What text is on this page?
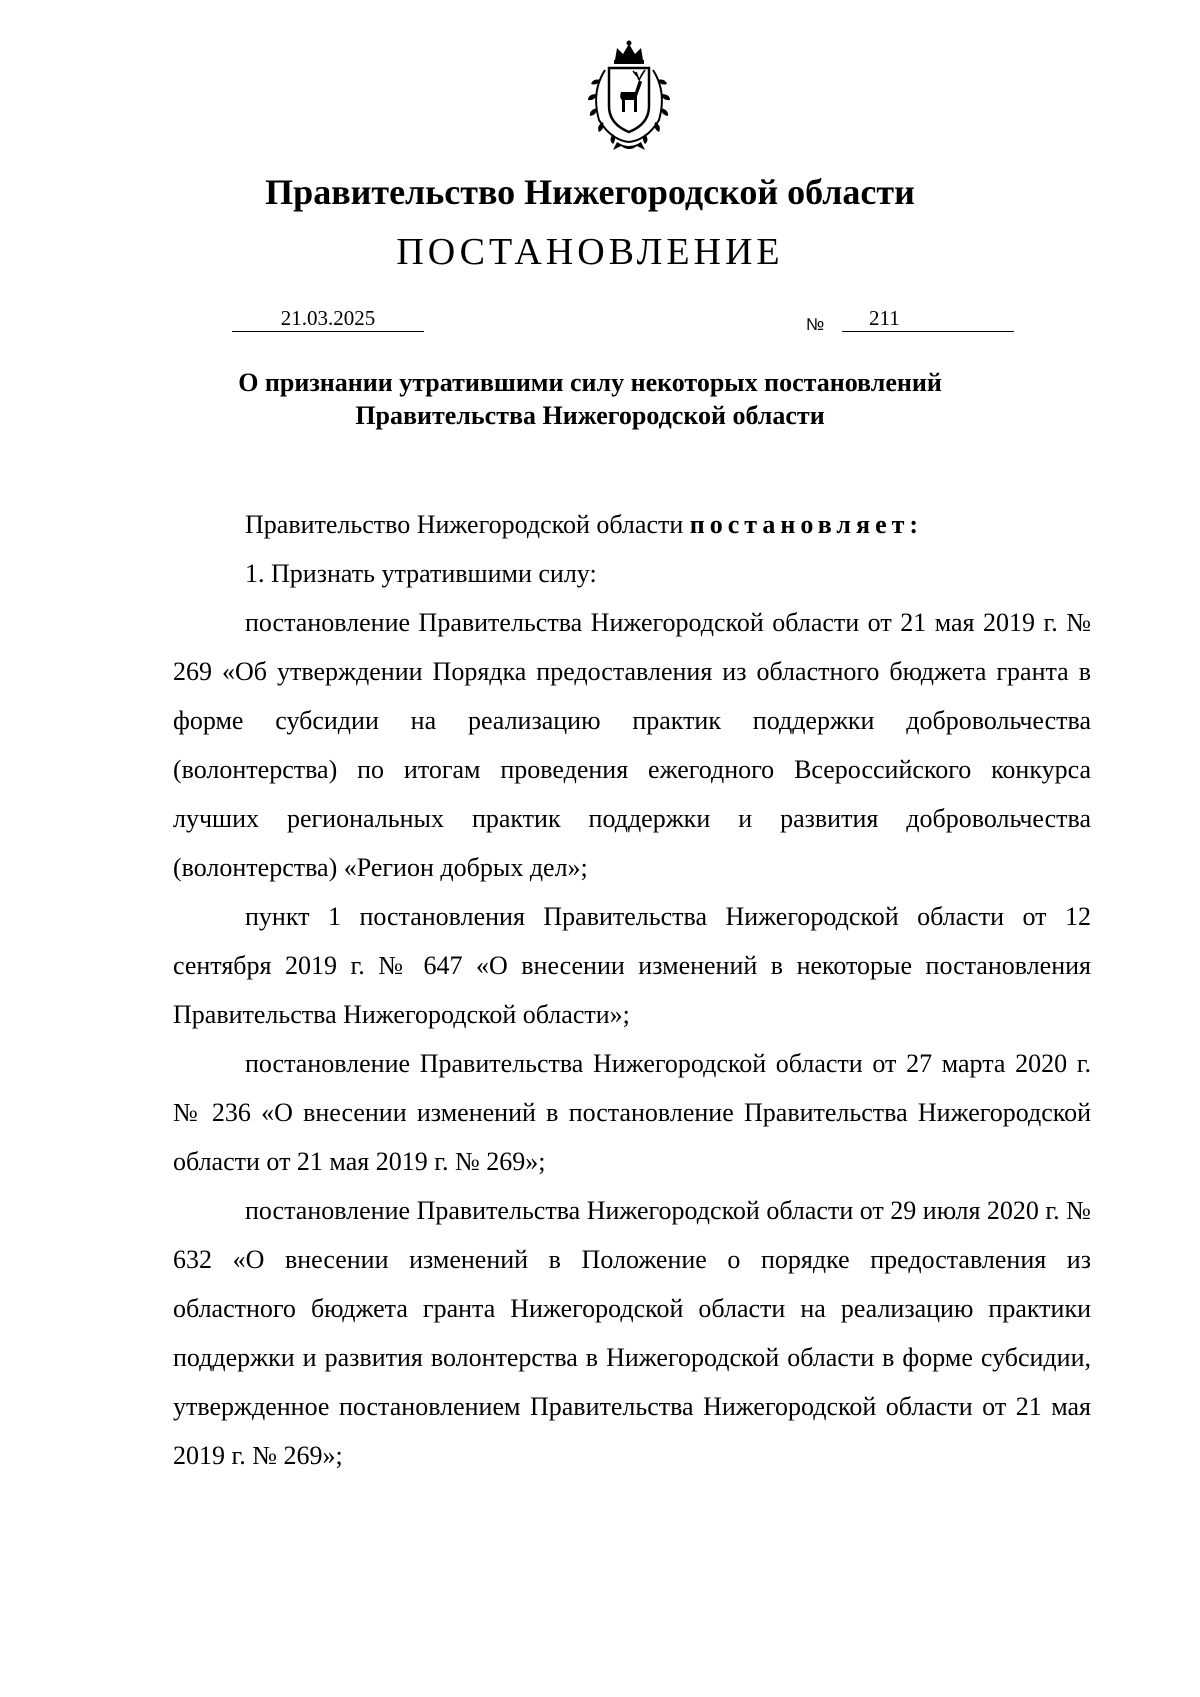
Правительство Нижегородской области
ПОСТАНОВЛЕНИЕ
21.03.2025	№ 211
О признании утратившими силу некоторых постановлений
Правительства Нижегородской области

Правительство Нижегородской области постановляет:

1. Признать утратившими силу:

постановление Правительства Нижегородской области от 21 мая 2019 г. № 269 «Об утверждении Порядка предоставления из областного бюджета гранта в форме субсидии на реализацию практик поддержки добровольчества (волонтерства) по итогам проведения ежегодного Всероссийского конкурса лучших региональных практик поддержки и развития добровольчества (волонтерства) «Регион добрых дел»;

пункт 1 постановления Правительства Нижегородской области от 12 сентября 2019 г. № 647 «О внесении изменений в некоторые постановления Правительства Нижегородской области»;

постановление Правительства Нижегородской области от 27 марта 2020 г. № 236 «О внесении изменений в постановление Правительства Нижегородской области от 21 мая 2019 г. № 269»;

постановление Правительства Нижегородской области от 29 июля 2020 г. № 632 «О внесении изменений в Положение о порядке предоставления из областного бюджета гранта Нижегородской области на реализацию практики поддержки и развития волонтерства в Нижегородской области в форме субсидии, утвержденное постановлением Правительства Нижегородской области от 21 мая 2019 г. № 269»;
